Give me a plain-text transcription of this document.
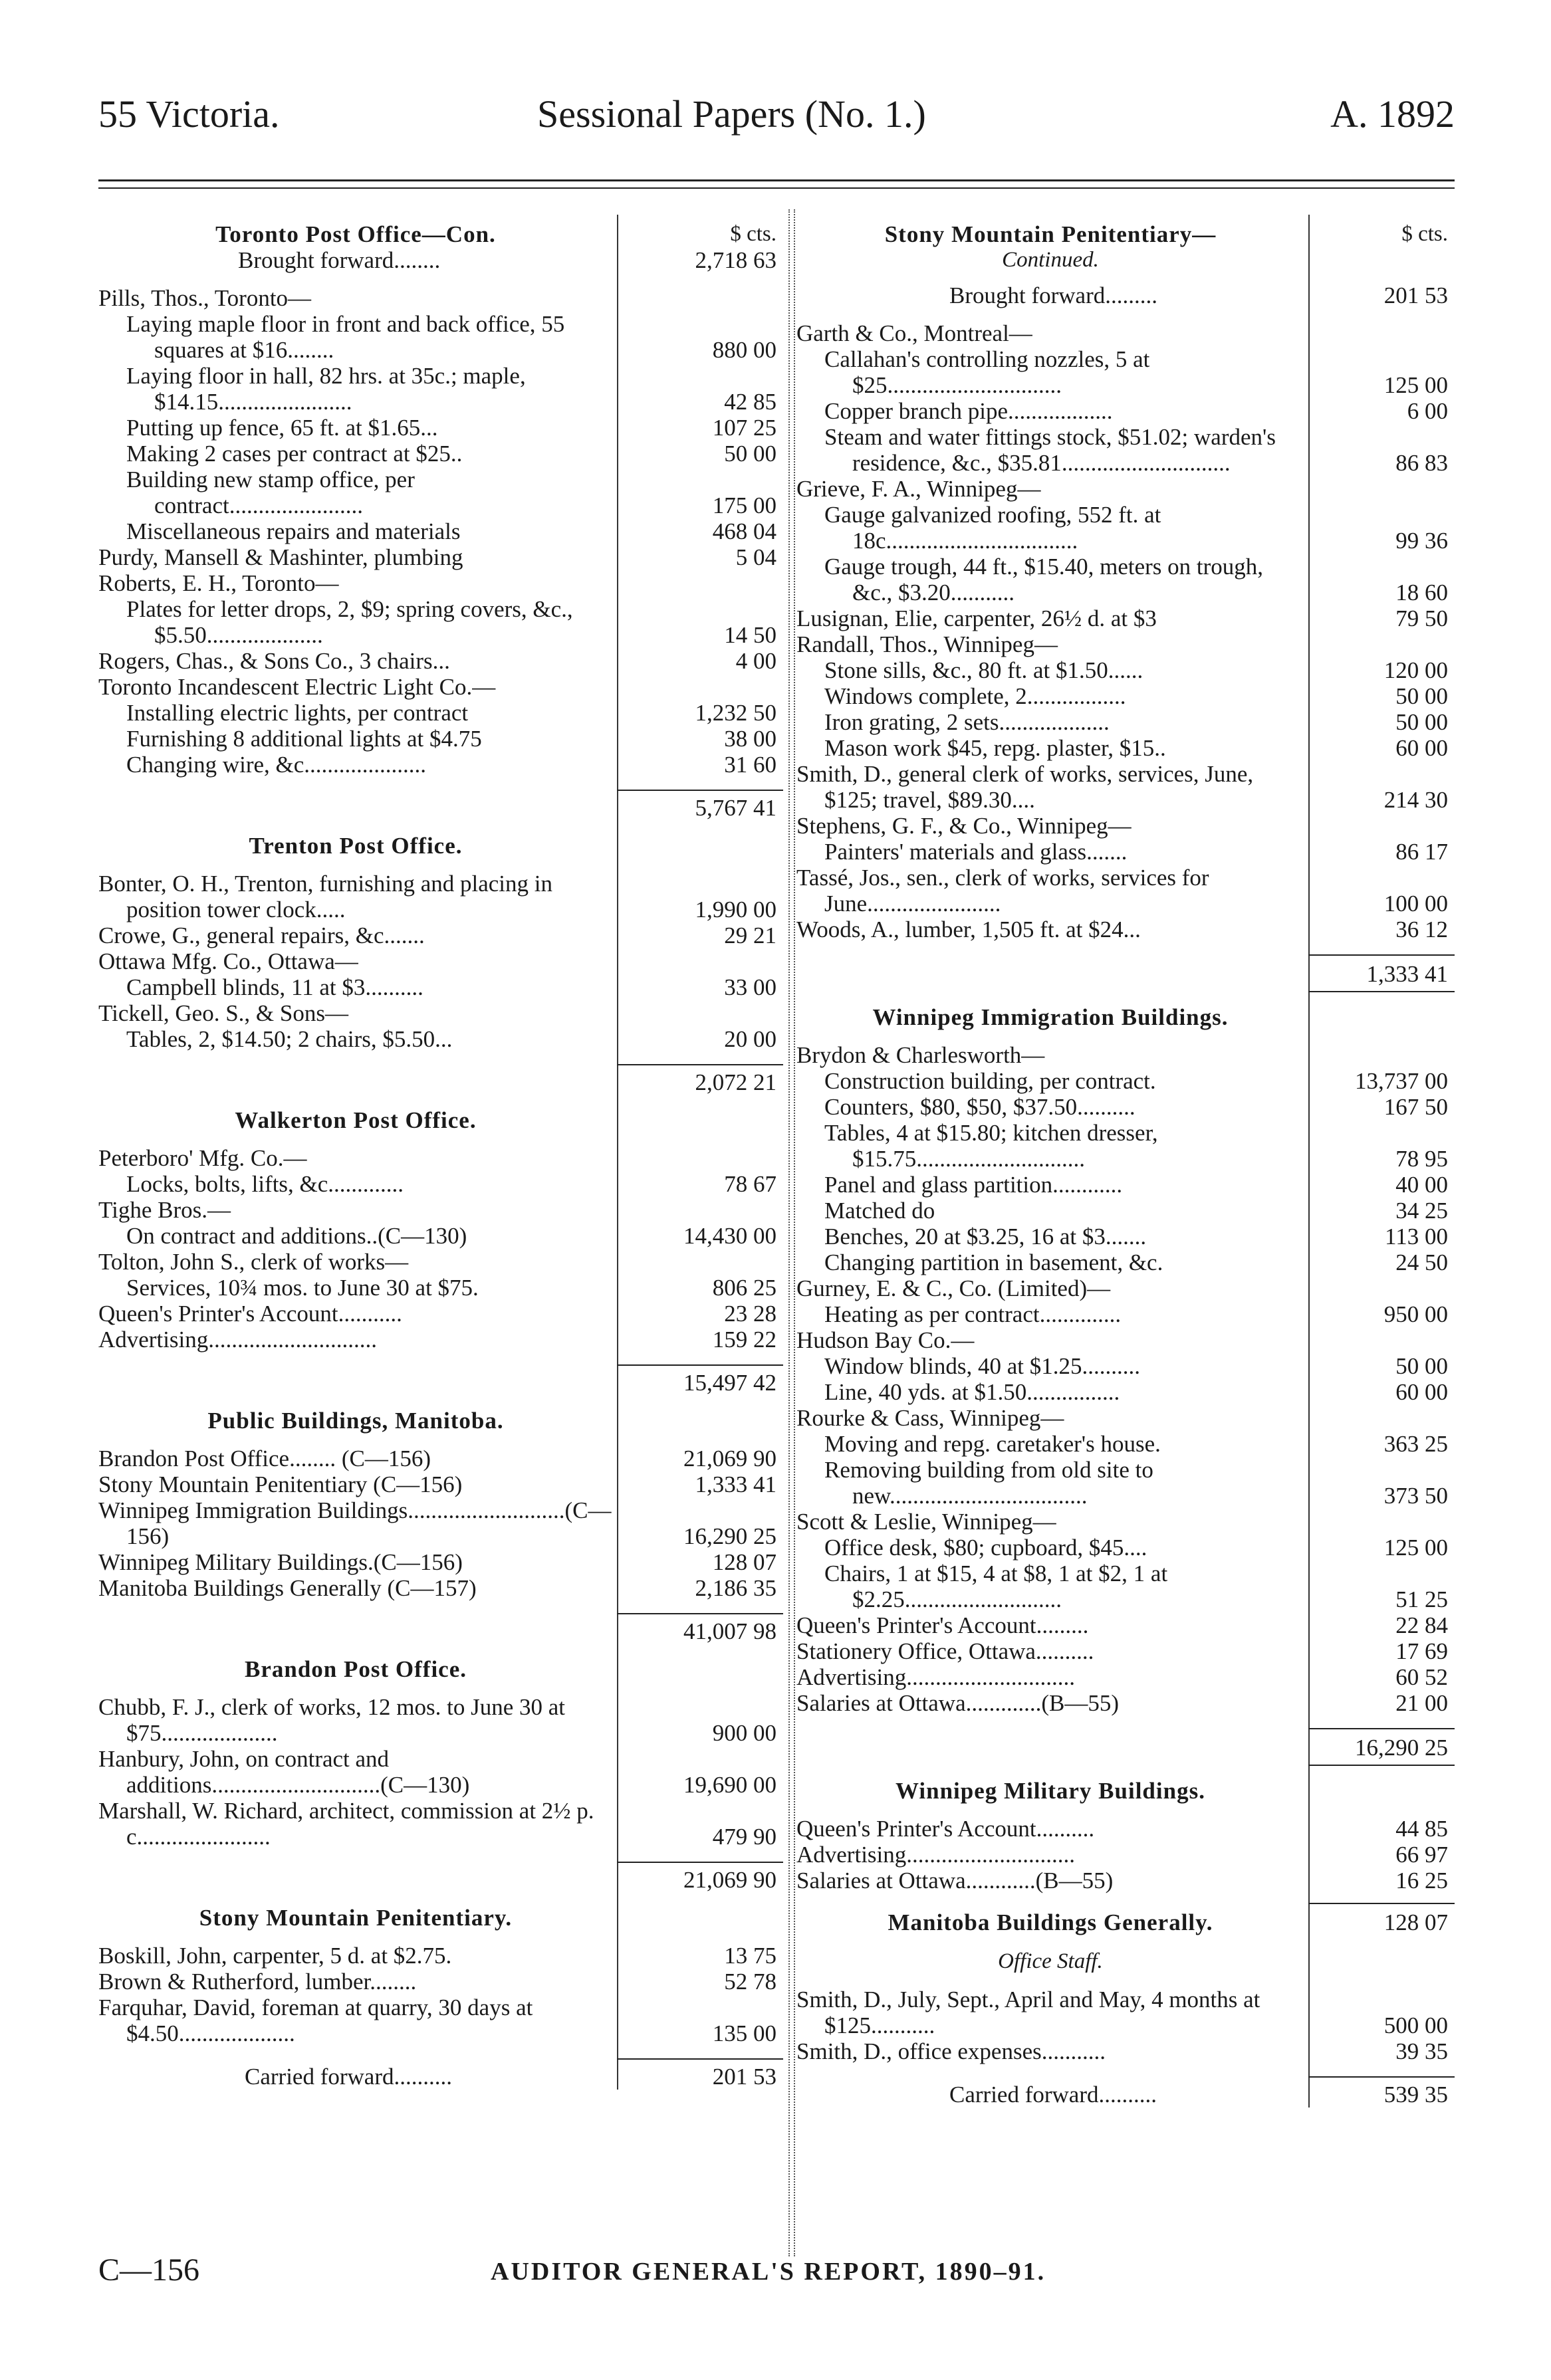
55 Victoria.	Sessional Papers (No. 1.)	A. 1892
Toronto Post Office—Con.	$ cts.
Brought forward........	2,718 63
Pills, Thos., Toronto—
Laying maple floor in front and back office, 55 squares at $16........	880 00
Laying floor in hall, 82 hrs. at 35c.; maple, $14.15.......................	42 85
Putting up fence, 65 ft. at $1.65...	107 25
Making 2 cases per contract at $25..	50 00
Building new stamp office, per contract.......................	175 00
Miscellaneous repairs and materials	468 04
Purdy, Mansell & Mashinter, plumbing	5 04
Roberts, E. H., Toronto—
Plates for letter drops, 2, $9; spring covers, &c., $5.50....................	14 50
Rogers, Chas., & Sons Co., 3 chairs...	4 00
Toronto Incandescent Electric Light Co.—
Installing electric lights, per contract	1,232 50
Furnishing 8 additional lights at $4.75	38 00
Changing wire, &c.....................	31 60
5,767 41
Trenton Post Office.
Bonter, O. H., Trenton, furnishing and placing in position tower clock.....	1,990 00
Crowe, G., general repairs, &c.......	29 21
Ottawa Mfg. Co., Ottawa—
Campbell blinds, 11 at $3..........	33 00
Tickell, Geo. S., & Sons—
Tables, 2, $14.50; 2 chairs, $5.50...	20 00
2,072 21
Walkerton Post Office.
Peterboro' Mfg. Co.—
Locks, bolts, lifts, &c.............	78 67
Tighe Bros.—
On contract and additions..(C—130)	14,430 00
Tolton, John S., clerk of works—
Services, 10¾ mos. to June 30 at $75.	806 25
Queen's Printer's Account...........	23 28
Advertising.............................	159 22
15,497 42
Public Buildings, Manitoba.
Brandon Post Office........ (C—156)	21,069 90
Stony Mountain Penitentiary (C—156)	1,333 41
Winnipeg Immigration Buildings...........................(C—156)	16,290 25
Winnipeg Military Buildings.(C—156)	128 07
Manitoba Buildings Generally (C—157)	2,186 35
41,007 98
Brandon Post Office.
Chubb, F. J., clerk of works, 12 mos. to June 30 at $75....................	900 00
Hanbury, John, on contract and additions.............................(C—130)	19,690 00
Marshall, W. Richard, architect, commission at 2½ p. c.......................	479 90
21,069 90
Stony Mountain Penitentiary.
Boskill, John, carpenter, 5 d. at $2.75.	13 75
Brown & Rutherford, lumber........	52 78
Farquhar, David, foreman at quarry, 30 days at $4.50....................	135 00
Carried forward..........	201 53
Stony Mountain Penitentiary—	$ cts.
Continued.
Brought forward.........	201 53
Garth & Co., Montreal—
Callahan's controlling nozzles, 5 at $25..............................	125 00
Copper branch pipe..................	6 00
Steam and water fittings stock, $51.02; warden's residence, &c., $35.81.............................	86 83
Grieve, F. A., Winnipeg—
Gauge galvanized roofing, 552 ft. at 18c.................................	99 36
Gauge trough, 44 ft., $15.40, meters on trough, &c., $3.20...........	18 60
Lusignan, Elie, carpenter, 26½ d. at $3	79 50
Randall, Thos., Winnipeg—
Stone sills, &c., 80 ft. at $1.50......	120 00
Windows complete, 2.................	50 00
Iron grating, 2 sets...................	50 00
Mason work $45, repg. plaster, $15..	60 00
Smith, D., general clerk of works, services, June, $125; travel, $89.30....	214 30
Stephens, G. F., & Co., Winnipeg—
Painters' materials and glass.......	86 17
Tassé, Jos., sen., clerk of works, services for June.......................	100 00
Woods, A., lumber, 1,505 ft. at $24...	36 12
1,333 41
Winnipeg Immigration Buildings.
Brydon & Charlesworth—
Construction building, per contract.	13,737 00
Counters, $80, $50, $37.50..........	167 50
Tables, 4 at $15.80; kitchen dresser, $15.75.............................	78 95
Panel and glass partition............	40 00
Matched do	34 25
Benches, 20 at $3.25, 16 at $3.......	113 00
Changing partition in basement, &c.	24 50
Gurney, E. & C., Co. (Limited)—
Heating as per contract..............	950 00
Hudson Bay Co.—
Window blinds, 40 at $1.25..........	50 00
Line, 40 yds. at $1.50................	60 00
Rourke & Cass, Winnipeg—
Moving and repg. caretaker's house.	363 25
Removing building from old site to new..................................	373 50
Scott & Leslie, Winnipeg—
Office desk, $80; cupboard, $45....	125 00
Chairs, 1 at $15, 4 at $8, 1 at $2, 1 at $2.25...........................	51 25
Queen's Printer's Account.........	22 84
Stationery Office, Ottawa..........	17 69
Advertising.............................	60 52
Salaries at Ottawa.............(B—55)	21 00
16,290 25
Winnipeg Military Buildings.
Queen's Printer's Account..........	44 85
Advertising.............................	66 97
Salaries at Ottawa............(B—55)	16 25
Manitoba Buildings Generally.	128 07
Office Staff.
Smith, D., July, Sept., April and May, 4 months at $125...........	500 00
Smith, D., office expenses...........	39 35
Carried forward..........	539 35
C—156	AUDITOR GENERAL'S REPORT, 1890–91.
